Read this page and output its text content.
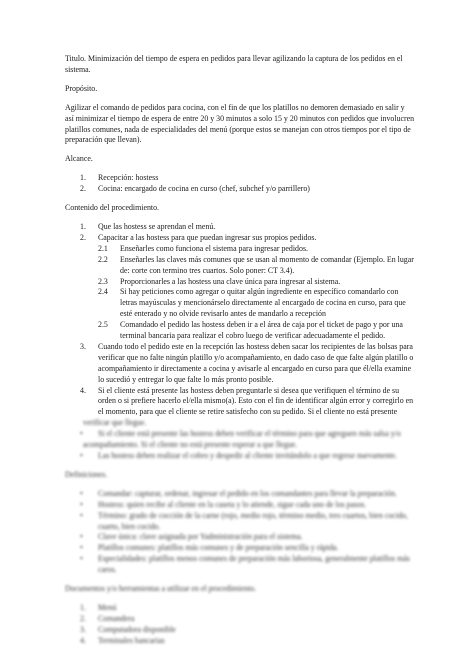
Titulo. Minimización del tiempo de espera en pedidos para llevar agilizando la captura de los pedidos en el sistema.

Propósito.

Agilizar el comando de pedidos para cocina, con el fin de que los platillos no demoren demasiado en salir y así minimizar el tiempo de espera de entre 20 y 30 minutos a solo 15 y 20 minutos con pedidos que involucren platillos comunes, nada de especialidades del menú (porque estos se manejan con otros tiempos por el tipo de preparación que llevan).

Alcance.

1.	Recepción: hostess
2.	Cocina: encargado de cocina en curso (chef, subchef y/o parrillero)

Contenido del procedimiento.

1.	Que las hostess se aprendan el menú.
2.	Capacitar a las hostess para que puedan ingresar sus propios pedidos.
2.1	Enseñarles como funciona el sistema para ingresar pedidos.
2.2	Enseñarles las claves más comunes que se usan al momento de comandar (Ejemplo. En lugar de: corte con termino tres cuartos. Solo poner: CT 3.4).
2.3	Proporcionarles a las hostess una clave única para ingresar al sistema.
2.4	Si hay peticiones como agregar o quitar algún ingrediente en específico comandarlo con letras mayúsculas y mencionárselo directamente al encargado de cocina en curso, para que esté enterado y no olvide revisarlo antes de mandarlo a recepción
2.5	Comandado el pedido las hostess deben ir a el área de caja por el ticket de pago y por una terminal bancaria para realizar el cobro luego de verificar adecuadamente el pedido.
3.	Cuando todo el pedido este en la recepción las hostess deben sacar los recipientes de las bolsas para verificar que no falte ningún platillo y/o acompañamiento, en dado caso de que falte algún platillo o acompañamiento ir directamente a cocina y avisarle al encargado en curso para que él/ella examine lo sucedió y entregar lo que falte lo más pronto posible.
4.	Si el cliente está presente las hostess deben preguntarle si desea que verifiquen el término de su orden o si prefiere hacerlo el/ella mismo(a). Esto con el fin de identificar algún error y corregirlo en el momento, para que el cliente se retire satisfecho con su pedido. Si el cliente no está presente
verificar que llegue.
•	Si el cliente está presente las hostess deben verificar el término para que agreguen más salsa y/o
acompañamiento. Si el cliente no está presente esperar a que llegue.
•	Las hostess deben realizar el cobro y despedir al cliente invitándolo a que regrese nuevamente.

Definiciones.

•	Comandar: capturar, ordenar, ingresar el pedido en los comandantes para llevar la preparación.
•	Hostess: quien recibe al cliente en la caseta y lo atiende, sigue cada uno de los pasos.
•	Término: grado de cocción de la carne (rojo, medio rojo, término medio, tres cuartos, bien cocido, cuarto, bien cocido.
•	Clave única: clave asignada por Yadministración para el sistema.
•	Platillos comunes: platillos más comunes y de preparación sencilla y rápida.
•	Especialidades: platillos menos comunes de preparación más laboriosa, generalmente platillos más caros.

Documentos y/o herramientas a utilizar en el procedimiento.

1.	Menú
2.	Comandera
3.	Computadora disponible
4.	Terminales bancarias
